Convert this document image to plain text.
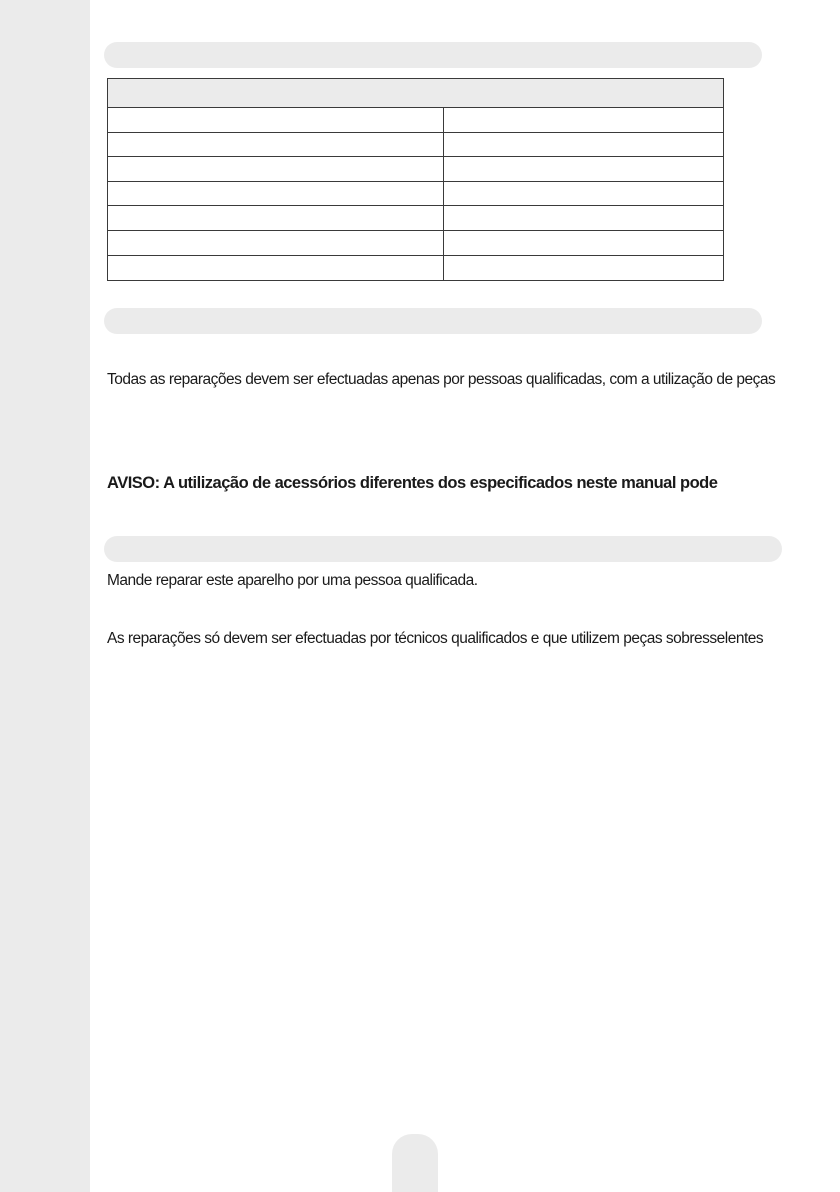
Todas as reparações devem ser efectuadas apenas por pessoas qualificadas, com a utilização de peças

AVISO: A utilização de acessórios diferentes dos especificados neste manual pode

Mande reparar este aparelho por uma pessoa qualificada.

As reparações só devem ser efectuadas por técnicos qualificados e que utilizem peças sobresselentes
